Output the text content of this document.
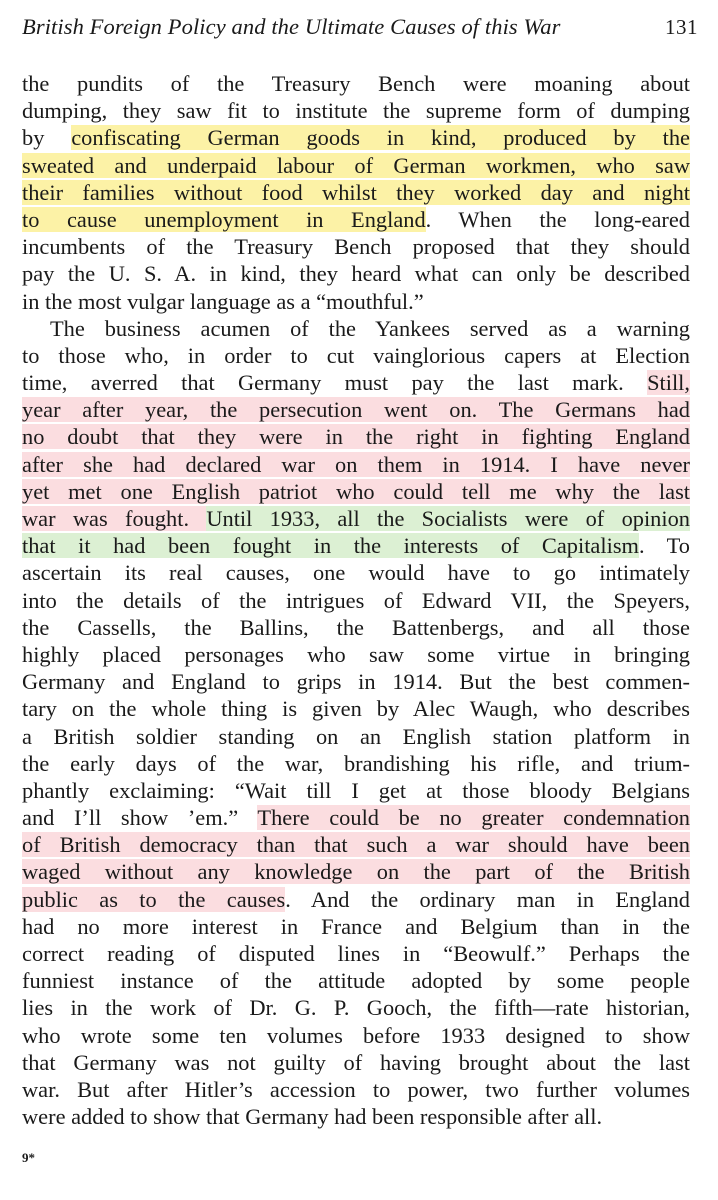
British Foreign Policy and the Ultimate Causes of this War	131
the pundits of the Treasury Bench were moaning about
dumping, they saw fit to institute the supreme form of dumping
by confiscating German goods in kind, produced by the
sweated and underpaid labour of German workmen, who saw
their families without food whilst they worked day and night
to cause unemployment in England. When the long-eared
incumbents of the Treasury Bench proposed that they should
pay the U. S. A. in kind, they heard what can only be described
in the most vulgar language as a “mouthful.”
The business acumen of the Yankees served as a warning
to those who, in order to cut vainglorious capers at Election
time, averred that Germany must pay the last mark. Still,
year after year, the persecution went on. The Germans had
no doubt that they were in the right in fighting England
after she had declared war on them in 1914. I have never
yet met one English patriot who could tell me why the last
war was fought. Until 1933, all the Socialists were of opinion
that it had been fought in the interests of Capitalism. To
ascertain its real causes, one would have to go intimately
into the details of the intrigues of Edward VII, the Speyers,
the Cassells, the Ballins, the Battenbergs, and all those
highly placed personages who saw some virtue in bringing
Germany and England to grips in 1914. But the best commen-
tary on the whole thing is given by Alec Waugh, who describes
a British soldier standing on an English station platform in
the early days of the war, brandishing his rifle, and trium-
phantly exclaiming: “Wait till I get at those bloody Belgians
and I’ll show ’em.” There could be no greater condemnation
of British democracy than that such a war should have been
waged without any knowledge on the part of the British
public as to the causes. And the ordinary man in England
had no more interest in France and Belgium than in the
correct reading of disputed lines in “Beowulf.” Perhaps the
funniest instance of the attitude adopted by some people
lies in the work of Dr. G. P. Gooch, the fifth—rate historian,
who wrote some ten volumes before 1933 designed to show
that Germany was not guilty of having brought about the last
war. But after Hitler’s accession to power, two further volumes
were added to show that Germany had been responsible after all.
9*
